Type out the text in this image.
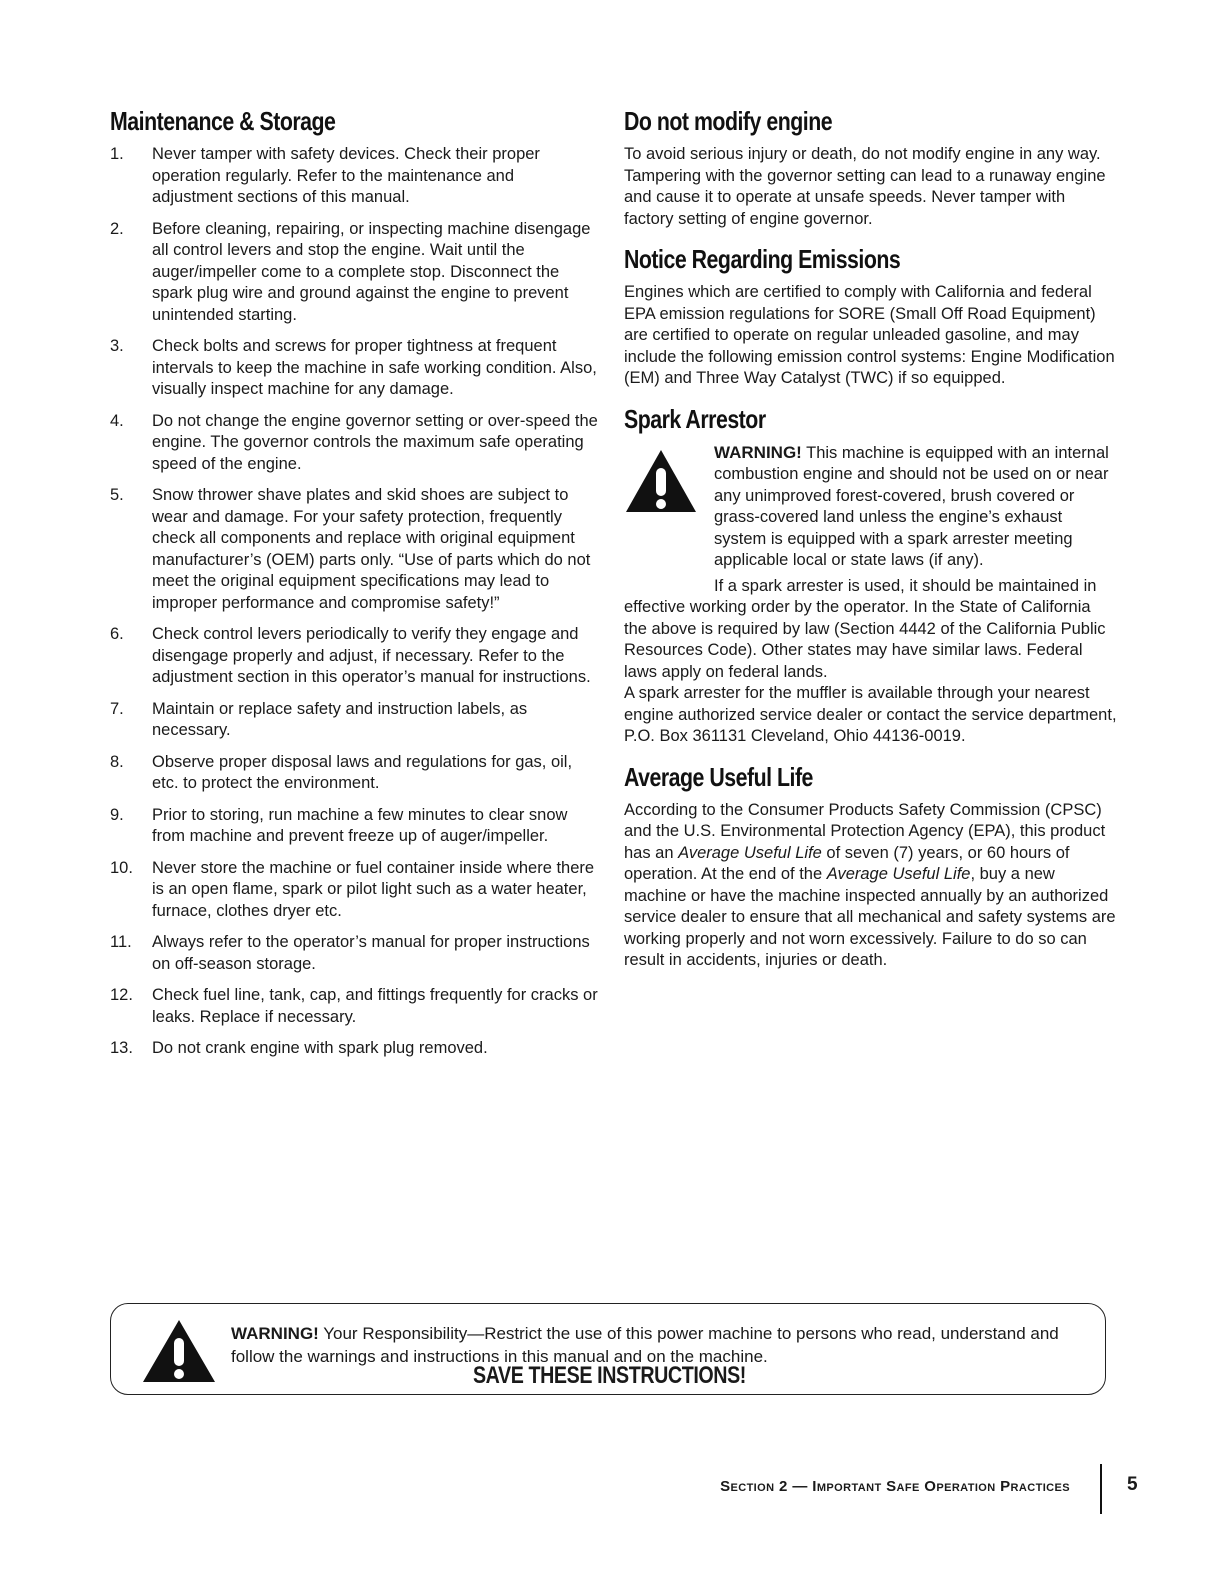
Maintenance & Storage
1. Never tamper with safety devices. Check their proper operation regularly. Refer to the maintenance and adjustment sections of this manual.
2. Before cleaning, repairing, or inspecting machine disengage all control levers and stop the engine. Wait until the auger/impeller come to a complete stop. Disconnect the spark plug wire and ground against the engine to prevent unintended starting.
3. Check bolts and screws for proper tightness at frequent intervals to keep the machine in safe working condition. Also, visually inspect machine for any damage.
4. Do not change the engine governor setting or over-speed the engine. The governor controls the maximum safe operating speed of the engine.
5. Snow thrower shave plates and skid shoes are subject to wear and damage. For your safety protection, frequently check all components and replace with original equipment manufacturer’s (OEM) parts only. “Use of parts which do not meet the original equipment specifications may lead to improper performance and compromise safety!”
6. Check control levers periodically to verify they engage and disengage properly and adjust, if necessary. Refer to the adjustment section in this operator’s manual for instructions.
7. Maintain or replace safety and instruction labels, as necessary.
8. Observe proper disposal laws and regulations for gas, oil, etc. to protect the environment.
9. Prior to storing, run machine a few minutes to clear snow from machine and prevent freeze up of auger/impeller.
10. Never store the machine or fuel container inside where there is an open flame, spark or pilot light such as a water heater, furnace, clothes dryer etc.
11. Always refer to the operator’s manual for proper instructions on off-season storage.
12. Check fuel line, tank, cap, and fittings frequently for cracks or leaks. Replace if necessary.
13. Do not crank engine with spark plug removed.
Do not modify engine

To avoid serious injury or death, do not modify engine in any way. Tampering with the governor setting can lead to a runaway engine and cause it to operate at unsafe speeds. Never tamper with factory setting of engine governor.

Notice Regarding Emissions

Engines which are certified to comply with California and federal EPA emission regulations for SORE (Small Off Road Equipment) are certified to operate on regular unleaded gasoline, and may include the following emission control systems: Engine Modification (EM) and Three Way Catalyst (TWC) if so equipped.

Spark Arrestor

WARNING! This machine is equipped with an internal combustion engine and should not be used on or near any unimproved forest-covered, brush covered or grass-covered land unless the engine’s exhaust system is equipped with a spark arrester meeting applicable local or state laws (if any).

If a spark arrester is used, it should be maintained in effective working order by the operator. In the State of California the above is required by law (Section 4442 of the California Public Resources Code). Other states may have similar laws. Federal laws apply on federal lands.

A spark arrester for the muffler is available through your nearest engine authorized service dealer or contact the service department, P.O. Box 361131 Cleveland, Ohio 44136-0019.

Average Useful Life

According to the Consumer Products Safety Commission (CPSC) and the U.S. Environmental Protection Agency (EPA), this product has an Average Useful Life of seven (7) years, or 60 hours of operation. At the end of the Average Useful Life, buy a new machine or have the machine inspected annually by an authorized service dealer to ensure that all mechanical and safety systems are working properly and not worn excessively. Failure to do so can result in accidents, injuries or death.

WARNING! Your Responsibility—Restrict the use of this power machine to persons who read, understand and follow the warnings and instructions in this manual and on the machine.
SAVE THESE INSTRUCTIONS!
Section 2 — Important Safe Operation Practices	5
